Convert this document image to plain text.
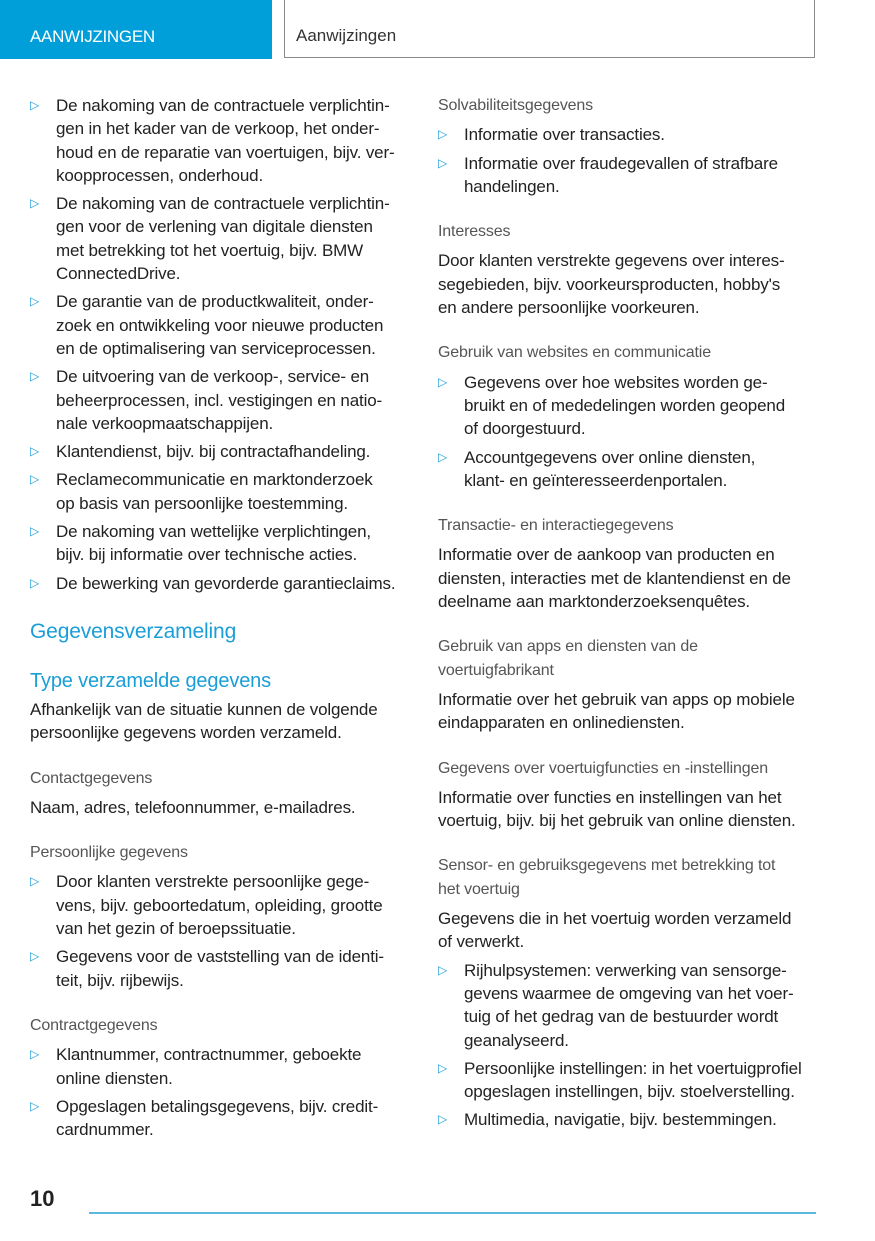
AANWIJZINGEN	Aanwijzingen
▷ De nakoming van de contractuele verplichtin-
gen in het kader van de verkoop, het onder-
houd en de reparatie van voertuigen, bijv. ver-
koopprocessen, onderhoud.
▷ De nakoming van de contractuele verplichtin-
gen voor de verlening van digitale diensten
met betrekking tot het voertuig, bijv. BMW
ConnectedDrive.
▷ De garantie van de productkwaliteit, onder-
zoek en ontwikkeling voor nieuwe producten
en de optimalisering van serviceprocessen.
▷ De uitvoering van de verkoop-, service- en
beheerprocessen, incl. vestigingen en natio-
nale verkoopmaatschappijen.
▷ Klantendienst, bijv. bij contractafhandeling.
▷ Reclamecommunicatie en marktonderzoek
op basis van persoonlijke toestemming.
▷ De nakoming van wettelijke verplichtingen,
bijv. bij informatie over technische acties.
▷ De bewerking van gevorderde garantieclaims.
Gegevensverzameling
Type verzamelde gegevens
Afhankelijk van de situatie kunnen de volgende
persoonlijke gegevens worden verzameld.
Contactgegevens
Naam, adres, telefoonnummer, e-mailadres.
Persoonlijke gegevens
▷ Door klanten verstrekte persoonlijke gege-
vens, bijv. geboortedatum, opleiding, grootte
van het gezin of beroepssituatie.
▷ Gegevens voor de vaststelling van de identi-
teit, bijv. rijbewijs.
Contractgegevens
▷ Klantnummer, contractnummer, geboekte
online diensten.
▷ Opgeslagen betalingsgegevens, bijv. credit-
cardnummer.
Solvabiliteitsgegevens
▷ Informatie over transacties.
▷ Informatie over fraudegevallen of strafbare
handelingen.
Interesses
Door klanten verstrekte gegevens over interes-
segebieden, bijv. voorkeursproducten, hobby's
en andere persoonlijke voorkeuren.
Gebruik van websites en communicatie
▷ Gegevens over hoe websites worden ge-
bruikt en of mededelingen worden geopend
of doorgestuurd.
▷ Accountgegevens over online diensten,
klant- en geïnteresseerdenportalen.
Transactie- en interactiegegevens
Informatie over de aankoop van producten en
diensten, interacties met de klantendienst en de
deelname aan marktonderzoeksenquêtes.
Gebruik van apps en diensten van de
voertuigfabrikant
Informatie over het gebruik van apps op mobiele
eindapparaten en onlinediensten.
Gegevens over voertuigfuncties en -instellingen
Informatie over functies en instellingen van het
voertuig, bijv. bij het gebruik van online diensten.
Sensor- en gebruiksgegevens met betrekking tot
het voertuig
Gegevens die in het voertuig worden verzameld
of verwerkt.
▷ Rijhulpsystemen: verwerking van sensorge-
gevens waarmee de omgeving van het voer-
tuig of het gedrag van de bestuurder wordt
geanalyseerd.
▷ Persoonlijke instellingen: in het voertuigprofiel
opgeslagen instellingen, bijv. stoelverstelling.
▷ Multimedia, navigatie, bijv. bestemmingen.
10
